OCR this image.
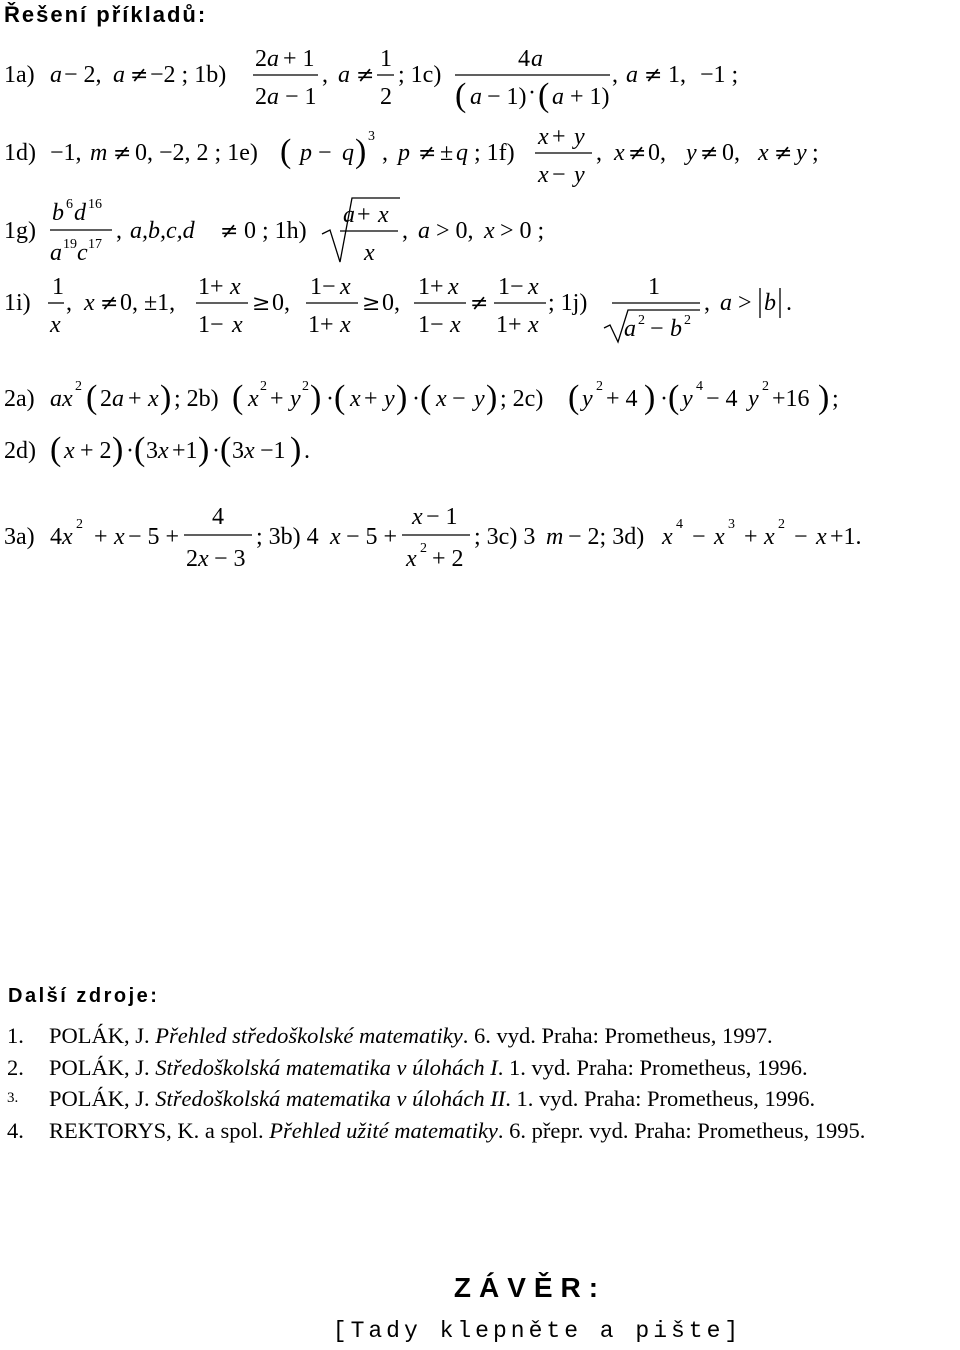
Řešení příkladů:
1a) a − 2, a ≠ −2 ; 1b)
2 a + 1
2 a − 1
, a ≠
1
2
; 1c)
4 a
( a − 1) · ( a + 1)
, a ≠ 1, −1 ;
1d) −1, m ≠ 0, −2, 2 ; 1e) ( p − q ) 3
, p ≠ ± q ; 1f)
x + y
x − y
, x ≠ 0, y ≠ 0, x ≠ y ;
1g)
b 6 d 16
a 19 c 17
, a,b,c,d ≠ 0 ; 1h)
a + x
x
, a > 0, x > 0 ;
1i)
1
x
, x ≠ 0, ±1,
1+ x
1− x
≥ 0,
1− x
1+ x
≥ 0,
1+ x
1− x
≠
1− x
1+ x
; 1j)
1
a 2 − b 2
, a > b .
2a) ax 2 ( 2 a + x ) ; 2b) ( x 2 + y 2 ) · ( x + y ) · ( x − y ) ; 2c) ( y 2 + 4 ) · ( y 4 − 4 y 2 +16 ) ;
2d) ( x + 2 ) · ( 3 x +1 ) · ( 3 x −1 ) .
3a) 4 x 2 + x − 5 +
4
2 x − 3
; 3b) 4 x − 5 +
x − 1
x 2 + 2
; 3c) 3 m − 2; 3d) x 4 − x 3 + x 2 − x +1.
Další zdroje:
1. POLÁK, J. Přehled středoškolské matematiky. 6. vyd. Praha: Prometheus, 1997.
2. POLÁK, J. Středoškolská matematika v úlohách I. 1. vyd. Praha: Prometheus, 1996.
3. POLÁK, J. Středoškolská matematika v úlohách II. 1. vyd. Praha: Prometheus, 1996.
4. REKTORYS, K. a spol. Přehled užité matematiky. 6. přepr. vyd. Praha: Prometheus, 1995.
ZÁVĚR:

[Tady klepněte a pište]
